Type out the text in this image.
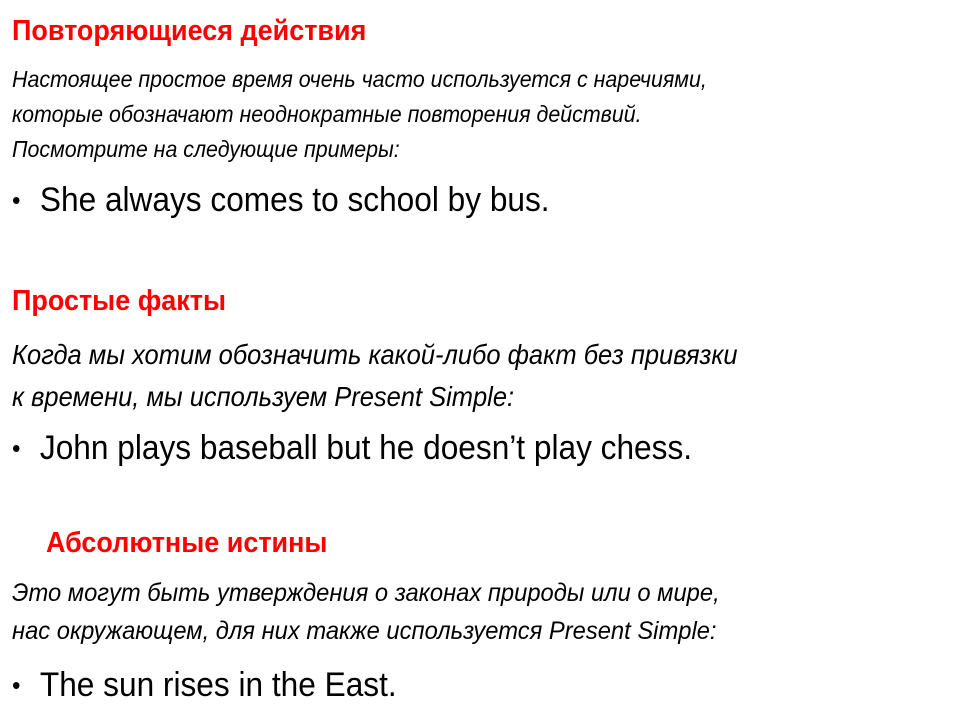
Повторяющиеся действия
Настоящее простое время очень часто используется с наречиями,
которые обозначают неоднократные повторения действий.
Посмотрите на следующие примеры:
• She always comes to school by bus.
Простые факты
Когда мы хотим обозначить какой-либо факт без привязки
к времени, мы используем Present Simple:
• John plays baseball but he doesn’t play chess.
Абсолютные истины
Это могут быть утверждения о законах природы или о мире,
нас окружающем, для них также используется Present Simple:
• The sun rises in the East.
